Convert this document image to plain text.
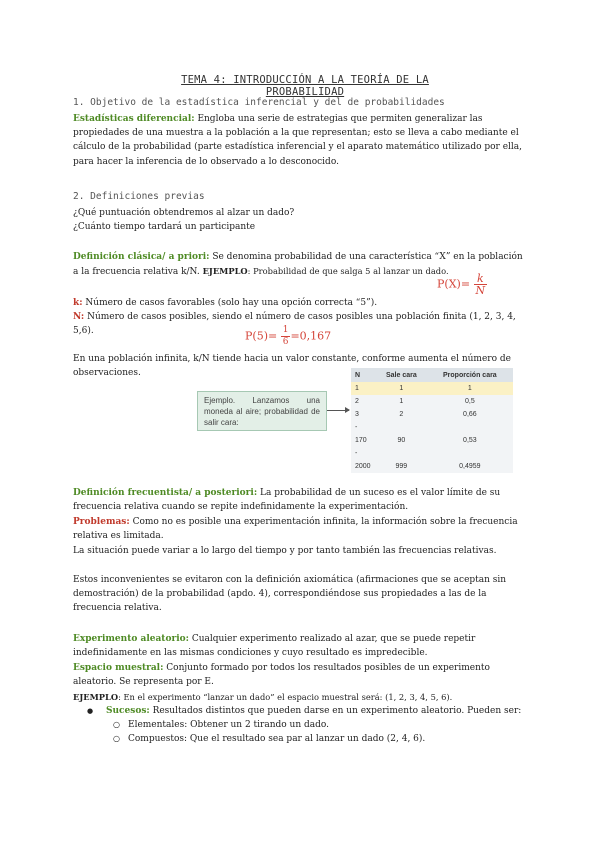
TEMA 4: INTRODUCCIÓN A LA TEORÍA DE LA PROBABILIDAD
1. Objetivo de la estadística inferencial y del de probabilidades
Estadísticas diferencial: Engloba una serie de estrategias que permiten generalizar las propiedades de una muestra a la población a la que representan; esto se lleva a cabo mediante el cálculo de la probabilidad (parte estadística inferencial y el aparato matemático utilizado por ella, para hacer la inferencia de lo observado a lo desconocido.
2. Definiciones previas
¿Qué puntuación obtendremos al alzar un dado?
¿Cuánto tiempo tardará un participante
Definición clásica/ a priori: Se denomina probabilidad de una característica “X” en la población a la frecuencia relativa k/N. EJEMPLO: Probabilidad de que salga 5 al lanzar un dado.
$P(X)= \frac{k}{N}$
k: Número de casos favorables (solo hay una opción correcta “5”).
N: Número de casos posibles, siendo el número de casos posibles una población finita (1, 2, 3, 4, 5,6).	$P(5)= \frac{1}{6} =0,167$
En una población infinita, k/N tiende hacia un valor constante, conforme aumenta el número de observaciones.
Ejemplo. Lanzamos una moneda al aire; probabilidad de salir cara:
N	Sale cara	Proporción cara
1	1	1
2	1	0,5
3	2	0,66
-		
170	90	0,53
-		
2000	999	0,4959
Definición frecuentista/ a posteriori: La probabilidad de un suceso es el valor límite de su frecuencia relativa cuando se repite indefinidamente la experimentación.
Problemas: Como no es posible una experimentación infinita, la información sobre la frecuencia relativa es limitada.
La situación puede variar a lo largo del tiempo y por tanto también las frecuencias relativas.
Estos inconvenientes se evitaron con la definición axiomática (afirmaciones que se aceptan sin demostración) de la probabilidad (apdo. 4), correspondiéndose sus propiedades a las de la frecuencia relativa.
Experimento aleatorio: Cualquier experimento realizado al azar, que se puede repetir indefinidamente en las mismas condiciones y cuyo resultado es impredecible.
Espacio muestral: Conjunto formado por todos los resultados posibles de un experimento aleatorio. Se representa por E.
EJEMPLO: En el experimento “lanzar un dado” el espacio muestral será: (1, 2, 3, 4, 5, 6).
● Sucesos: Resultados distintos que pueden darse en un experimento aleatorio. Pueden ser:
○ Elementales: Obtener un 2 tirando un dado.
○ Compuestos: Que el resultado sea par al lanzar un dado (2, 4, 6).
